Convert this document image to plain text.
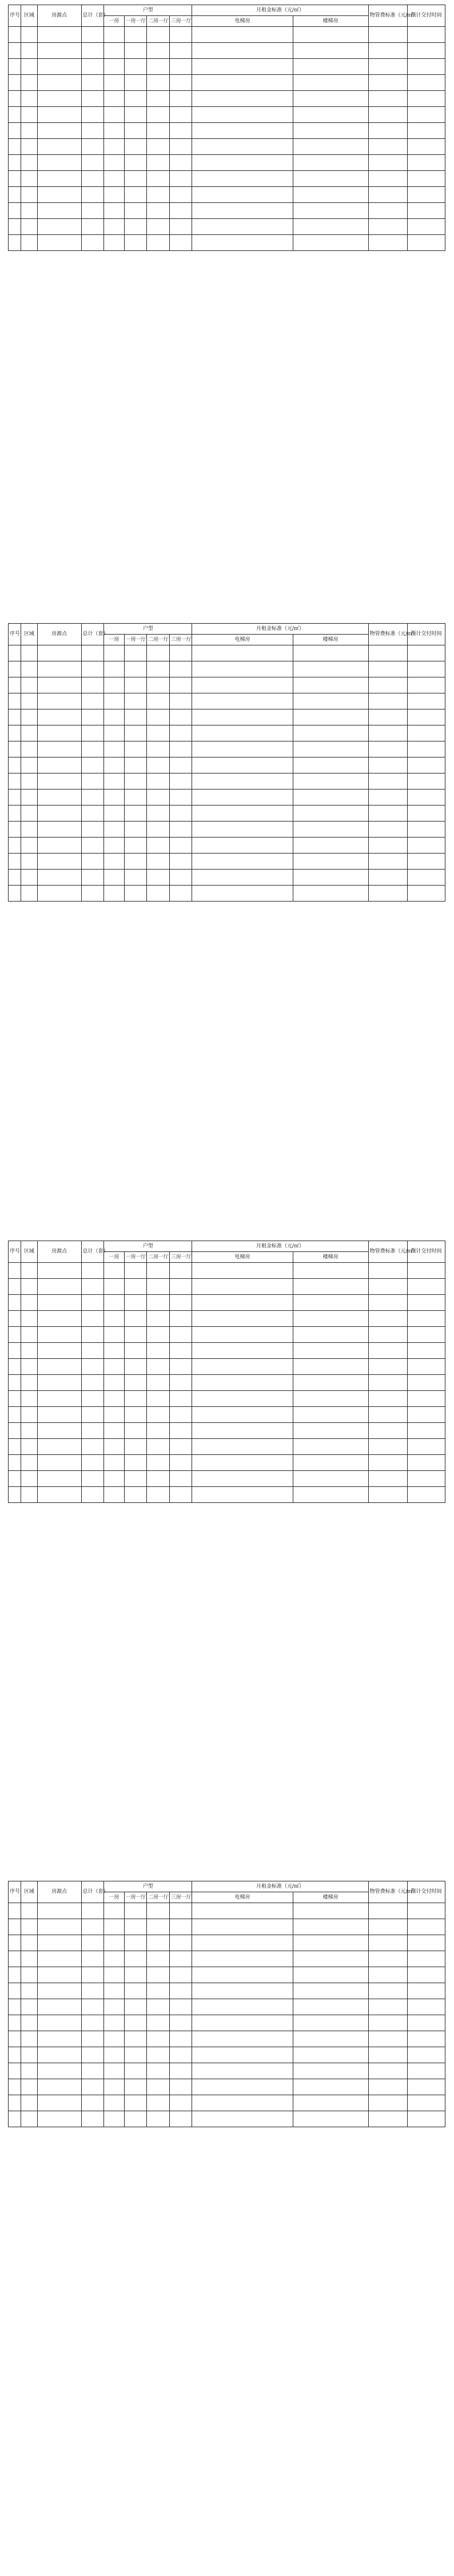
序号	区域	房源点	总计（套）	户型				月租金标准（元/㎡）		物管费标准（元/㎡）	预计交付时间
				一房	一房一厅	二房一厅	三房一厅	电梯房	楼梯房		

序号	区域	房源点	总计（套）	户型				月租金标准（元/㎡）		物管费标准（元/㎡）	预计交付时间
				一房	一房一厅	二房一厅	三房一厅	电梯房	楼梯房		

序号	区域	房源点	总计（套）	户型				月租金标准（元/㎡）		物管费标准（元/㎡）	预计交付时间
				一房	一房一厅	二房一厅	三房一厅	电梯房	楼梯房		

序号	区域	房源点	总计（套）	户型				月租金标准（元/㎡）		物管费标准（元/㎡）	预计交付时间
				一房	一房一厅	二房一厅	三房一厅	电梯房	楼梯房		
